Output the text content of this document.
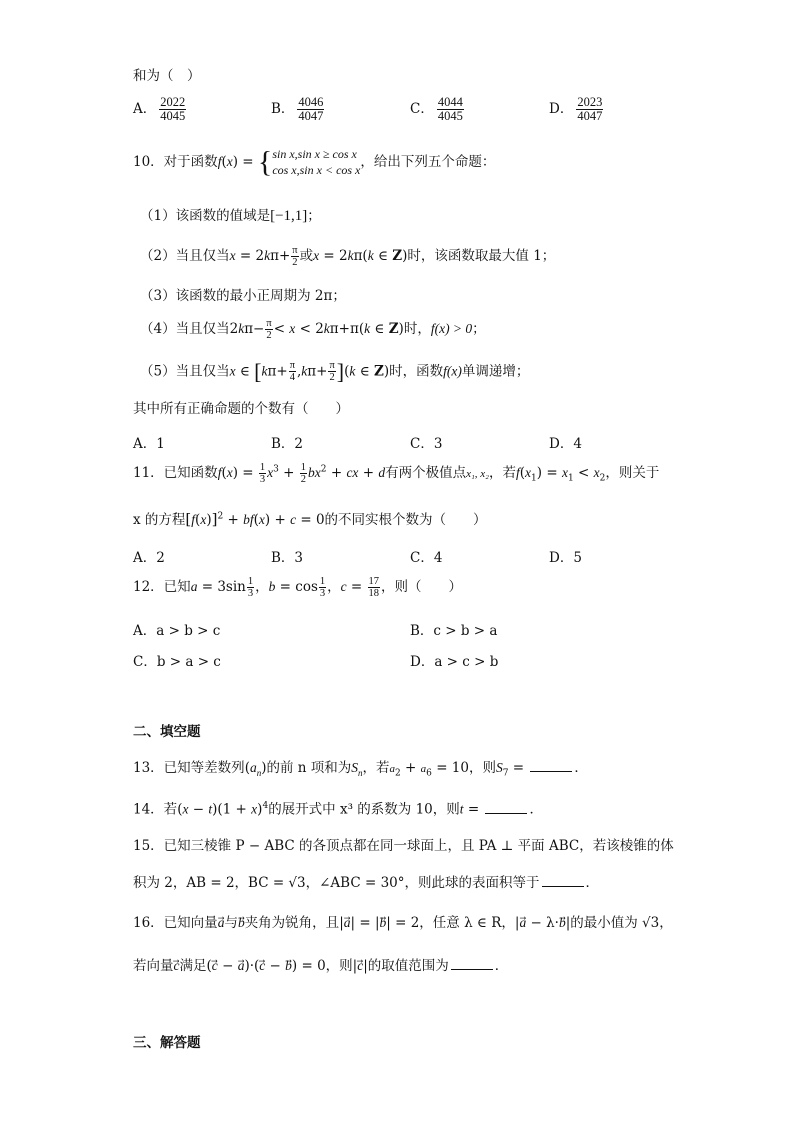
和为（　）
A． $\frac{2022}{4045}$	B． $\frac{4046}{4047}$	C． $\frac{4044}{4045}$	D． $\frac{2023}{4047}$
10．对于函数f(x) = { sin x,sin x ≥ cos x
cos x,sin x < cos x ，给出下列五个命题：
（1）该函数的值域是[−1,1]；
（2）当且仅当$x = 2k\pi+ \frac{\pi}{2}$ 或x = 2kπ(k ∈ Z)时，该函数取最大值 1；
（3）该函数的最小正周期为 2π；
（4）当且仅当$2k\pi- \frac{\pi}{2} < x < 2k\pi+\pi(k$ ∈ Z)时，f(x) > 0；
（5）当且仅当x ∈ $[k\pi+ \frac{\pi}{4} ,k\pi+ \frac{\pi}{2} ](k$ ∈ Z)时，函数f(x)单调递增；
其中所有正确命题的个数有（　　）
A．1	B．2	C．3	D．4
11．已知函数$f(x) = \frac{1}{3} x^3 + \frac{1}{2} bx^2$ + cx + d有两个极值点x₁, x₂，若$f(x_1) = x_1 < x_2$，则关于
x 的方程$[f(x)]^2 + bf(x) + c = 0$的不同实根个数为（　　）
A．2	B．3	C．4	D．5
12．已知$a = 3\sin \frac{1}{3}$ ，$b = \cos \frac{1}{3}$ ，$c = \frac{17}{18}$ ，则（　　）
A．a > b > c	B．c > b > a
C．b > a > c	D．a > c > b
二、填空题
13．已知等差数列$(a_n)$的前 n 项和为$S_n$，若$a_2 + a_6 = 10$，则$S_7$ =	．
14．若$(x - t)(1 + x)^4$的展开式中 x³ 的系数为 10，则t =	．
15．已知三棱锥 P − ABC 的各顶点都在同一球面上，且 PA ⊥ 平面 ABC，若该棱锥的体
积为 2，AB = 2，BC = √3，∠ABC = 30°，则此球的表面积等于	．
16．已知向量a与b夹角为锐角，且|a⃗| = |b⃗| = 2，任意 λ ∈ R，|a⃗ − λ·b⃗|的最小值为 √3，
若向量c满足(c⃗ − a⃗)·(c⃗ − b⃗) = 0，则|c⃗|的取值范围为	．
三、解答题
